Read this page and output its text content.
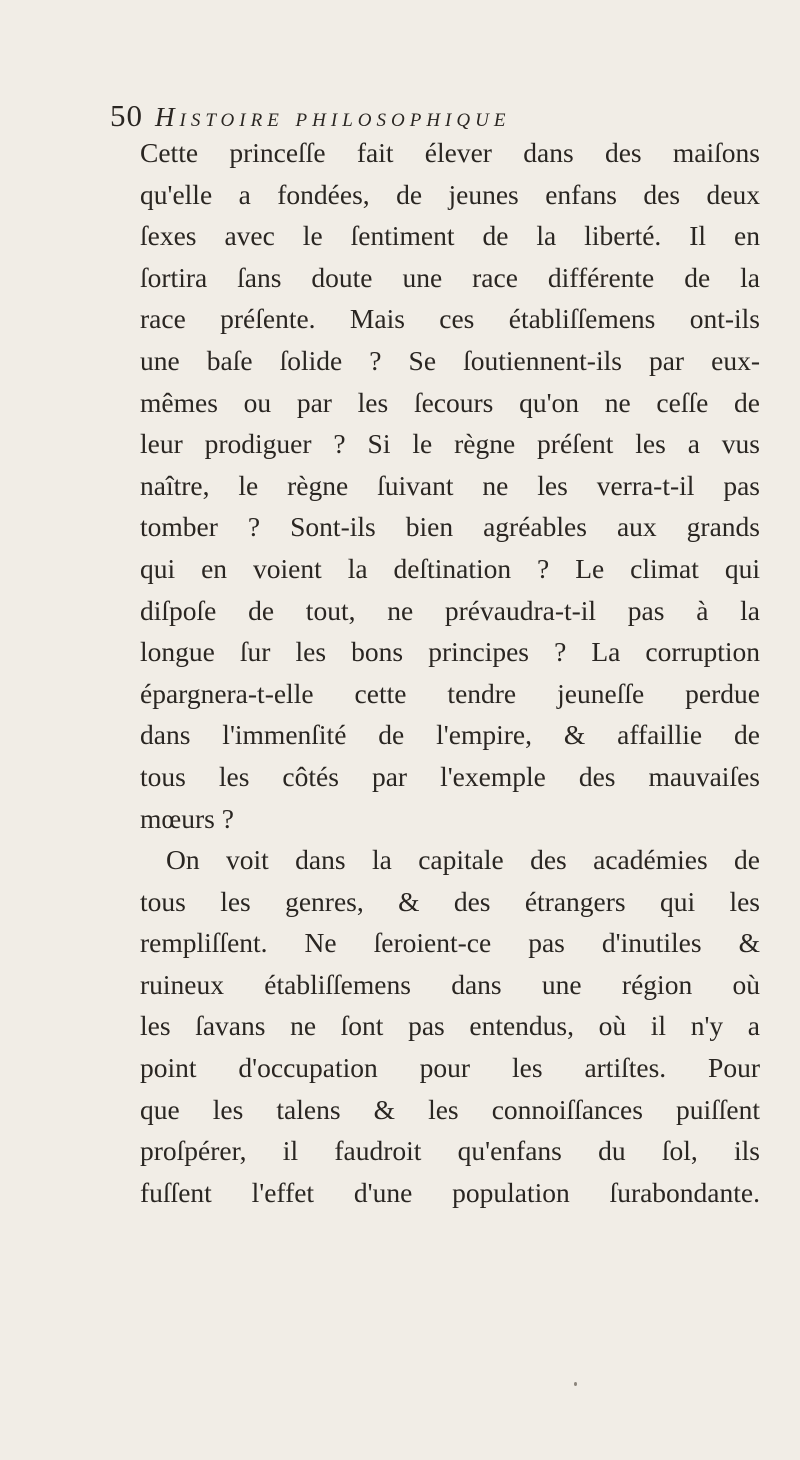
50 Histoire philosophique
Cette princeſſe fait élever dans des maiſons
qu'elle a fondées, de jeunes enfans des deux
ſexes avec le ſentiment de la liberté. Il en
ſortira ſans doute une race différente de la
race préſente. Mais ces établiſſemens ont-ils
une baſe ſolide ? Se ſoutiennent-ils par eux-
mêmes ou par les ſecours qu'on ne ceſſe de
leur prodiguer ? Si le règne préſent les a vus
naître, le règne ſuivant ne les verra-t-il pas
tomber ? Sont-ils bien agréables aux grands
qui en voient la deſtination ? Le climat qui
diſpoſe de tout, ne prévaudra-t-il pas à la
longue ſur les bons principes ? La corruption
épargnera-t-elle cette tendre jeuneſſe perdue
dans l'immenſité de l'empire, & affaillie de
tous les côtés par l'exemple des mauvaiſes
mœurs ?
On voit dans la capitale des académies de
tous les genres, & des étrangers qui les
rempliſſent. Ne ſeroient-ce pas d'inutiles &
ruineux établiſſemens dans une région où
les ſavans ne ſont pas entendus, où il n'y a
point d'occupation pour les artiſtes. Pour
que les talens & les connoiſſances puiſſent
proſpérer, il faudroit qu'enfans du ſol, ils
fuſſent l'effet d'une population ſurabondante.
